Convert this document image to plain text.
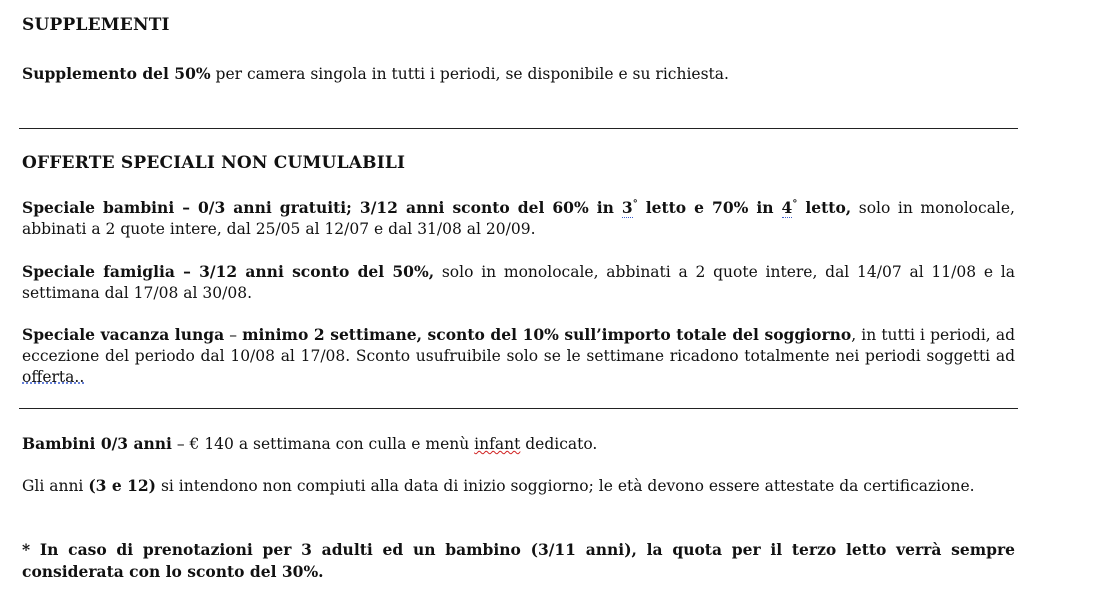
SUPPLEMENTI

Supplemento del 50% per camera singola in tutti i periodi, se disponibile e su richiesta.

OFFERTE SPECIALI NON CUMULABILI

Speciale bambini – 0/3 anni gratuiti; 3/12 anni sconto del 60% in 3° letto e 70% in 4° letto, solo in monolocale, abbinati a 2 quote intere, dal 25/05 al 12/07 e dal 31/08 al 20/09.

Speciale famiglia – 3/12 anni sconto del 50%, solo in monolocale, abbinati a 2 quote intere, dal 14/07 al 11/08 e la settimana dal 17/08 al 30/08.

Speciale vacanza lunga – minimo 2 settimane, sconto del 10% sull’importo totale del soggiorno, in tutti i periodi, ad eccezione del periodo dal 10/08 al 17/08. Sconto usufruibile solo se le settimane ricadono totalmente nei periodi soggetti ad offerta..

Bambini 0/3 anni – € 140 a settimana con culla e menù infant dedicato.

Gli anni (3 e 12) si intendono non compiuti alla data di inizio soggiorno; le età devono essere attestate da certificazione.

* In caso di prenotazioni per 3 adulti ed un bambino (3/11 anni), la quota per il terzo letto verrà sempre considerata con lo sconto del 30%.
